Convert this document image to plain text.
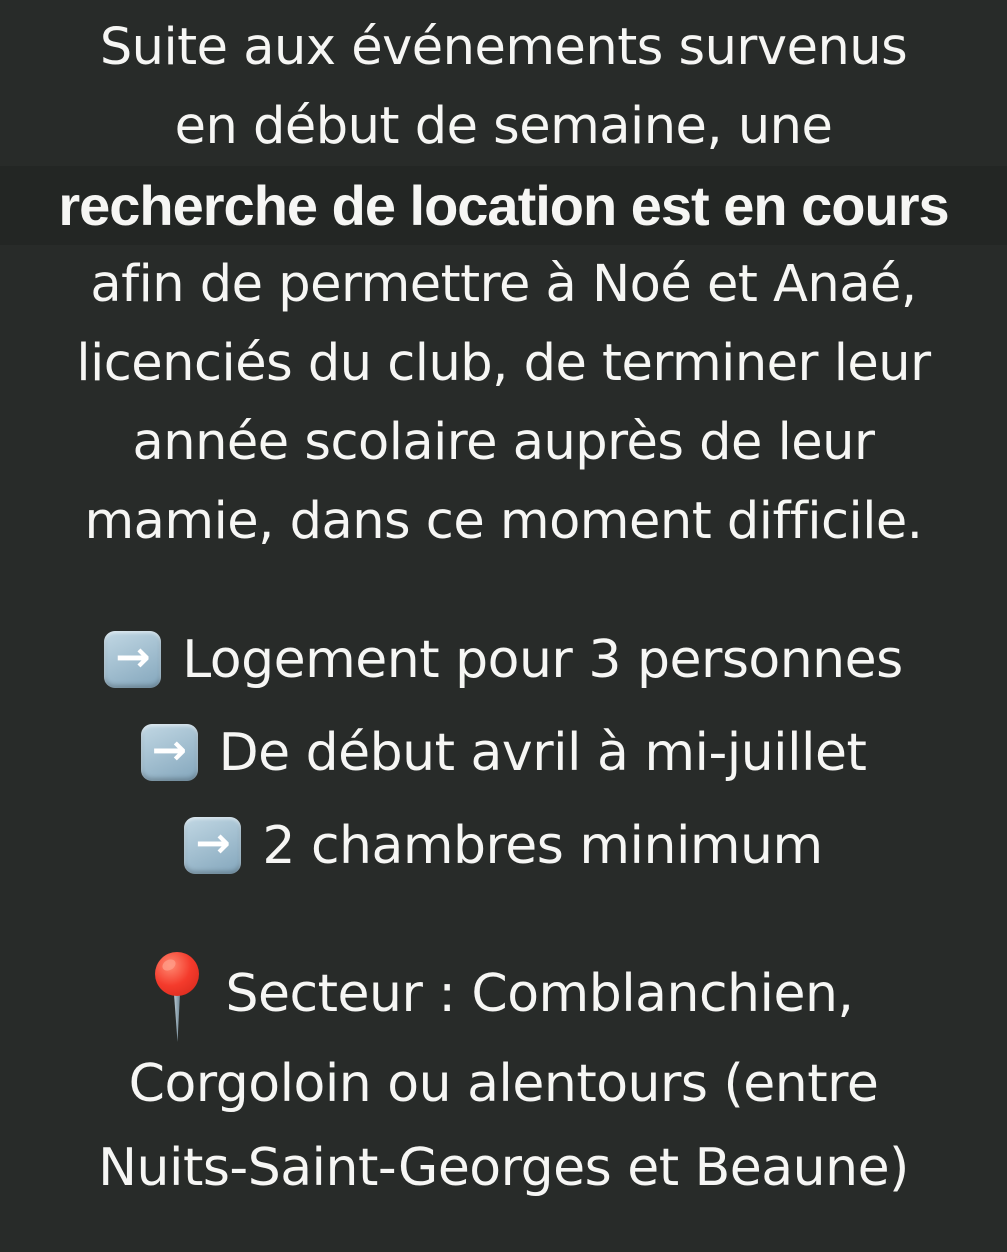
Suite aux événements survenus
en début de semaine, une
recherche de location est en cours
afin de permettre à Noé et Anaé,
licenciés du club, de terminer leur
année scolaire auprès de leur
mamie, dans ce moment difficile.
→ Logement pour 3 personnes
→ De début avril à mi-juillet
→ 2 chambres minimum
Secteur : Comblanchien,
Corgoloin ou alentours (entre
Nuits-Saint-Georges et Beaune)
